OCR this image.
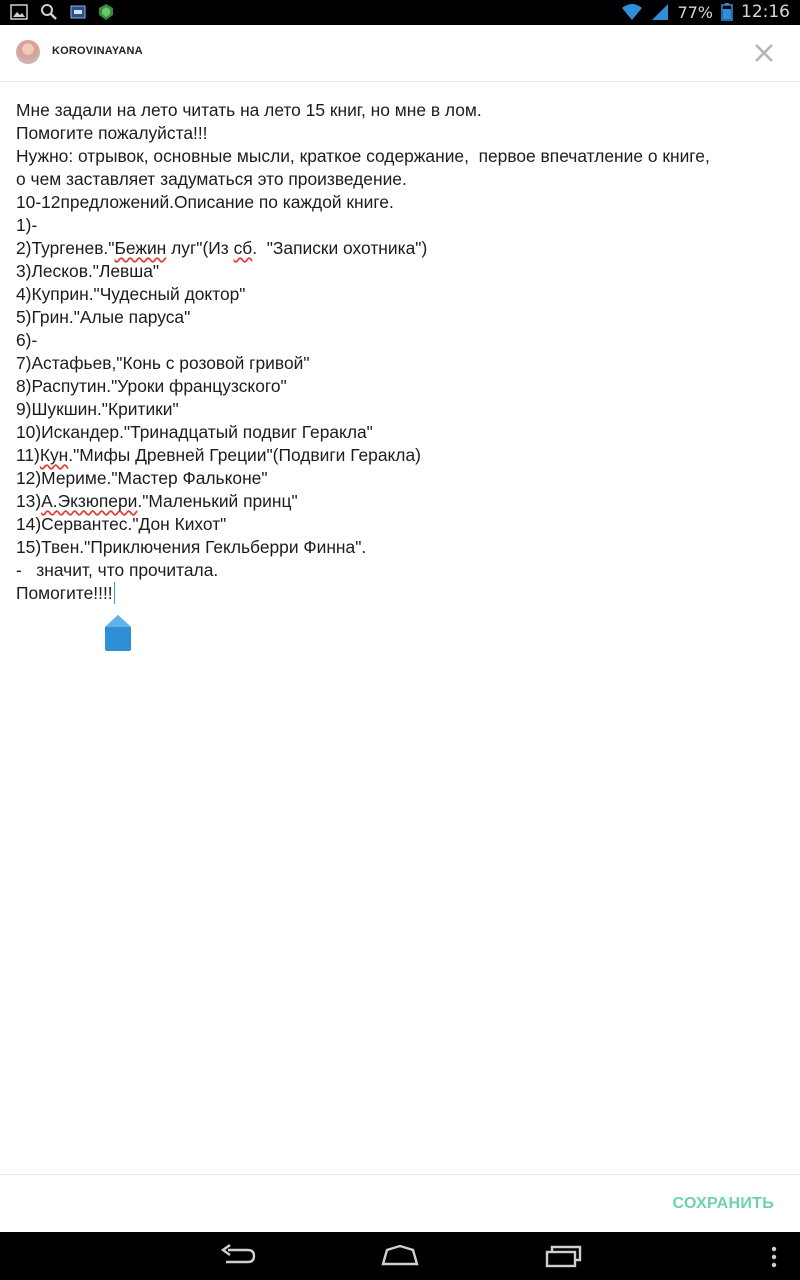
77% 12:16
KOROVINAYANA
Мне задали на лето читать на лето 15 книг, но мне в лом.
Помогите пожалуйста!!!
Нужно: отрывок, основные мысли, краткое содержание,  первое впечатление о книге,
о чем заставляет задуматься это произведение.
10-12предложений.Описание по каждой книге.
1)-
2)Тургенев."Бежин луг"(Из сб.  "Записки охотника")
3)Лесков."Левша"
4)Куприн."Чудесный доктор"
5)Грин."Алые паруса"
6)-
7)Астафьев,"Конь с розовой гривой"
8)Распутин."Уроки французского"
9)Шукшин."Критики"
10)Искандер."Тринадцатый подвиг Геракла"
11)Кун."Мифы Древней Греции"(Подвиги Геракла)
12)Мериме."Мастер Фальконе"
13)А.Экзюпери."Маленький принц"
14)Сервантес."Дон Кихот"
15)Твен."Приключения Гекльберри Финна".
-   значит, что прочитала.
Помогите!!!!
СОХРАНИТЬ
